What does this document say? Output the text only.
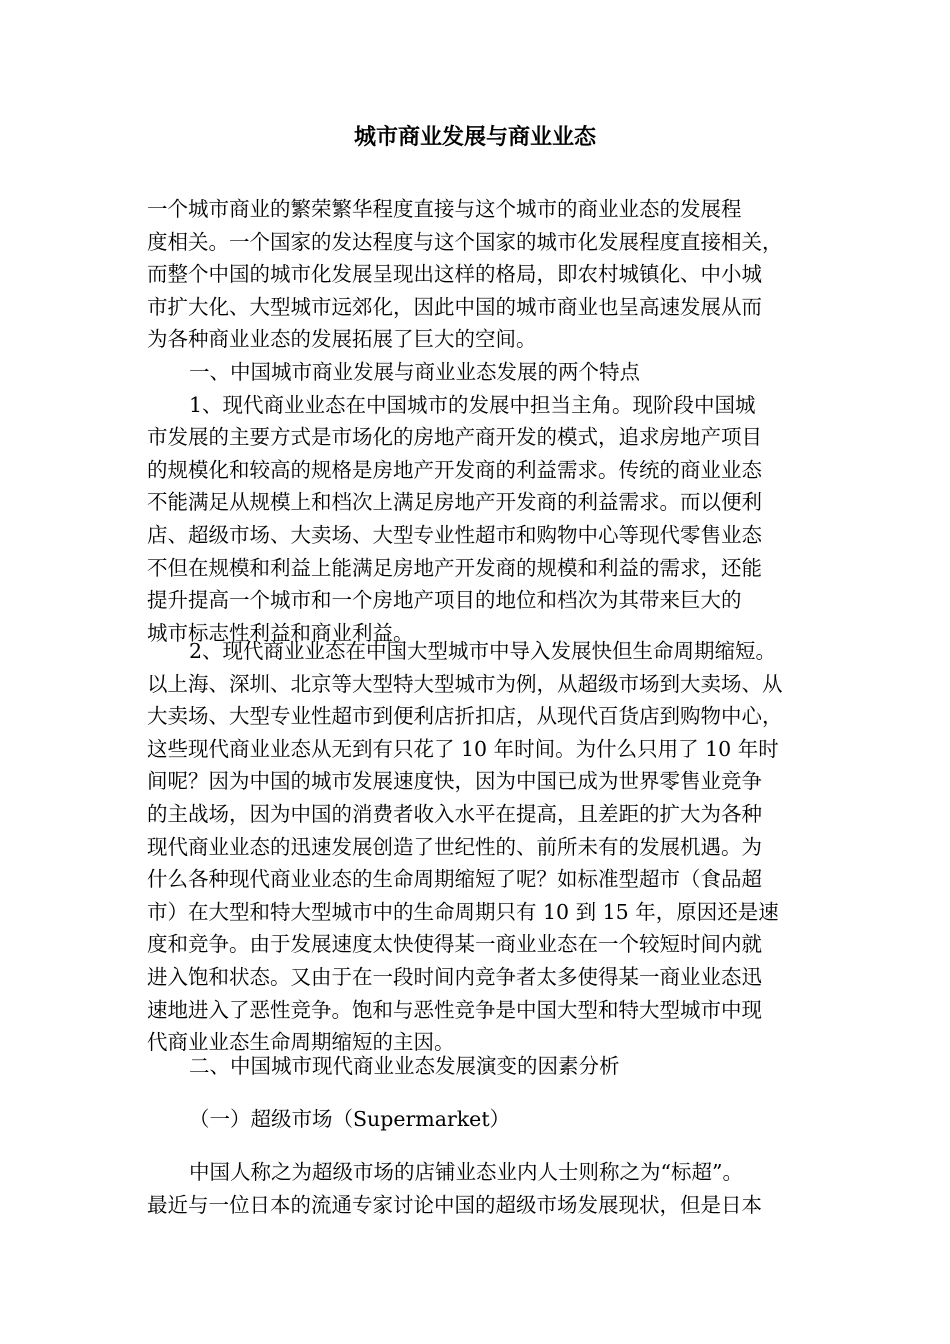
城市商业发展与商业业态
一个城市商业的繁荣繁华程度直接与这个城市的商业业态的发展程
度相关。一个国家的发达程度与这个国家的城市化发展程度直接相关，
而整个中国的城市化发展呈现出这样的格局，即农村城镇化、中小城
市扩大化、大型城市远郊化，因此中国的城市商业也呈高速发展从而
为各种商业业态的发展拓展了巨大的空间。
一、中国城市商业发展与商业业态发展的两个特点
1、现代商业业态在中国城市的发展中担当主角。现阶段中国城
市发展的主要方式是市场化的房地产商开发的模式，追求房地产项目
的规模化和较高的规格是房地产开发商的利益需求。传统的商业业态
不能满足从规模上和档次上满足房地产开发商的利益需求。而以便利
店、超级市场、大卖场、大型专业性超市和购物中心等现代零售业态
不但在规模和利益上能满足房地产开发商的规模和利益的需求，还能
提升提高一个城市和一个房地产项目的地位和档次为其带来巨大的
城市标志性利益和商业利益。
2、现代商业业态在中国大型城市中导入发展快但生命周期缩短。
以上海、深圳、北京等大型特大型城市为例，从超级市场到大卖场、从
大卖场、大型专业性超市到便利店折扣店，从现代百货店到购物中心，
这些现代商业业态从无到有只花了 10 年时间。为什么只用了 10 年时
间呢？因为中国的城市发展速度快，因为中国已成为世界零售业竞争
的主战场，因为中国的消费者收入水平在提高，且差距的扩大为各种
现代商业业态的迅速发展创造了世纪性的、前所未有的发展机遇。为
什么各种现代商业业态的生命周期缩短了呢？如标准型超市（食品超
市）在大型和特大型城市中的生命周期只有 10 到 15 年，原因还是速
度和竞争。由于发展速度太快使得某一商业业态在一个较短时间内就
进入饱和状态。又由于在一段时间内竞争者太多使得某一商业业态迅
速地进入了恶性竞争。饱和与恶性竞争是中国大型和特大型城市中现
代商业业态生命周期缩短的主因。
二、中国城市现代商业业态发展演变的因素分析
（一）超级市场（Supermarket）
中国人称之为超级市场的店铺业态业内人士则称之为“标超”。
最近与一位日本的流通专家讨论中国的超级市场发展现状，但是日本
